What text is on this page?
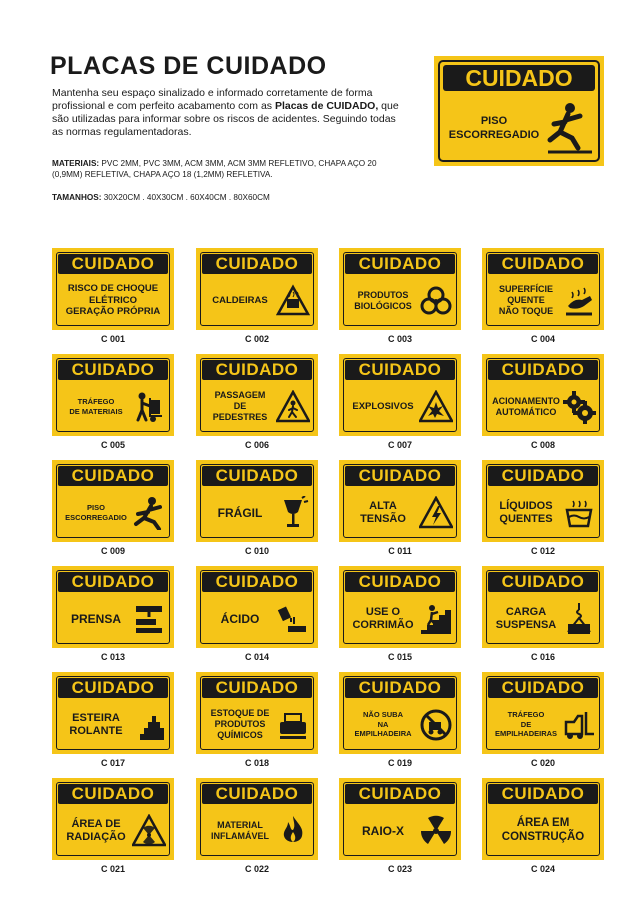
PLACAS DE CUIDADO
Mantenha seu espaço sinalizado e informado corretamente de forma profissional e com perfeito acabamento com as Placas de CUIDADO, que são utilizadas para informar sobre os riscos de acidentes. Seguindo todas as normas regulamentadoras.
MATERIAIS: PVC 2MM, PVC 3MM, ACM 3MM, ACM 3MM REFLETIVO, CHAPA AÇO 20 (0,9MM) REFLETIVA, CHAPA AÇO 18 (1,2MM) REFLETIVA.
TAMANHOS: 30X20CM . 40X30CM . 60X40CM . 80X60CM
CUIDADO
PISO
ESCORREGADIO
CUIDADO
RISCO DE CHOQUE
ELÉTRICO
GERAÇÃO PRÓPRIA
C 001
CUIDADO
CALDEIRAS
C 002
CUIDADO
PRODUTOS
BIOLÓGICOS
C 003
CUIDADO
SUPERFÍCIE
QUENTE
NÃO TOQUE
C 004
CUIDADO
TRÁFEGO
DE MATERIAIS
C 005
CUIDADO
PASSAGEM
DE
PEDESTRES
C 006
CUIDADO
EXPLOSIVOS
C 007
CUIDADO
ACIONAMENTO
AUTOMÁTICO
C 008
CUIDADO
PISO
ESCORREGADIO
C 009
CUIDADO
FRÁGIL
C 010
CUIDADO
ALTA
TENSÃO
C 011
CUIDADO
LÍQUIDOS
QUENTES
C 012
CUIDADO
PRENSA
C 013
CUIDADO
ÁCIDO
C 014
CUIDADO
USE O
CORRIMÃO
C 015
CUIDADO
CARGA
SUSPENSA
C 016
CUIDADO
ESTEIRA
ROLANTE
C 017
CUIDADO
ESTOQUE DE
PRODUTOS
QUÍMICOS
C 018
CUIDADO
NÃO SUBA
NA
EMPILHADEIRA
C 019
CUIDADO
TRÁFEGO
DE
EMPILHADEIRAS
C 020
CUIDADO
ÁREA DE
RADIAÇÃO
C 021
CUIDADO
MATERIAL
INFLAMÁVEL
C 022
CUIDADO
RAIO-X
C 023
CUIDADO
ÁREA EM
CONSTRUÇÃO
C 024
